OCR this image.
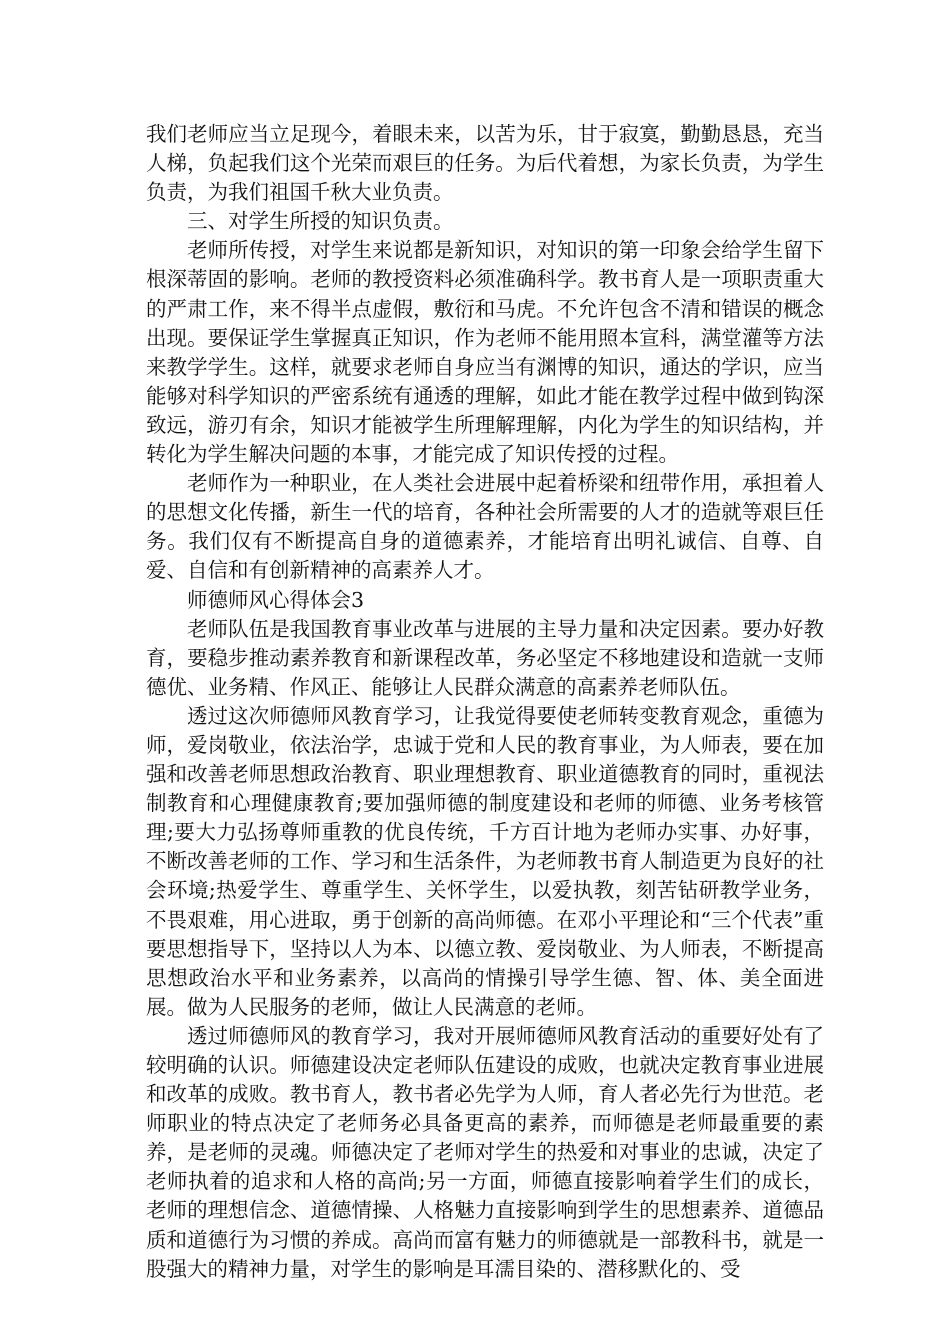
我们老师应当立足现今，着眼未来，以苦为乐，甘于寂寞，勤勤恳恳，充当人梯，负起我们这个光荣而艰巨的任务。为后代着想，为家长负责，为学生负责，为我们祖国千秋大业负责。

三、对学生所授的知识负责。

老师所传授，对学生来说都是新知识，对知识的第一印象会给学生留下根深蒂固的影响。老师的教授资料必须准确科学。教书育人是一项职责重大的严肃工作，来不得半点虚假，敷衍和马虎。不允许包含不清和错误的概念出现。要保证学生掌握真正知识，作为老师不能用照本宣科，满堂灌等方法来教学学生。这样，就要求老师自身应当有渊博的知识，通达的学识，应当能够对科学知识的严密系统有通透的理解，如此才能在教学过程中做到钩深致远，游刃有余，知识才能被学生所理解理解，内化为学生的知识结构，并转化为学生解决问题的本事，才能完成了知识传授的过程。

老师作为一种职业，在人类社会进展中起着桥梁和纽带作用，承担着人的思想文化传播，新生一代的培育，各种社会所需要的人才的造就等艰巨任务。我们仅有不断提高自身的道德素养，才能培育出明礼诚信、自尊、自爱、自信和有创新精神的高素养人才。

师德师风心得体会3

老师队伍是我国教育事业改革与进展的主导力量和决定因素。要办好教育，要稳步推动素养教育和新课程改革，务必坚定不移地建设和造就一支师德优、业务精、作风正、能够让人民群众满意的高素养老师队伍。

透过这次师德师风教育学习，让我觉得要使老师转变教育观念，重德为师，爱岗敬业，依法治学，忠诚于党和人民的教育事业，为人师表，要在加强和改善老师思想政治教育、职业理想教育、职业道德教育的同时，重视法制教育和心理健康教育;要加强师德的制度建设和老师的师德、业务考核管理;要大力弘扬尊师重教的优良传统，千方百计地为老师办实事、办好事，不断改善老师的工作、学习和生活条件，为老师教书育人制造更为良好的社会环境;热爱学生、尊重学生、关怀学生，以爱执教，刻苦钻研教学业务，不畏艰难，用心进取，勇于创新的高尚师德。在邓小平理论和“三个代表”重要思想指导下，坚持以人为本、以德立教、爱岗敬业、为人师表，不断提高思想政治水平和业务素养，以高尚的情操引导学生德、智、体、美全面进展。做为人民服务的老师，做让人民满意的老师。

透过师德师风的教育学习，我对开展师德师风教育活动的重要好处有了较明确的认识。师德建设决定老师队伍建设的成败，也就决定教育事业进展和改革的成败。教书育人，教书者必先学为人师，育人者必先行为世范。老师职业的特点决定了老师务必具备更高的素养，而师德是老师最重要的素养，是老师的灵魂。师德决定了老师对学生的热爱和对事业的忠诚，决定了老师执着的追求和人格的高尚;另一方面，师德直接影响着学生们的成长，老师的理想信念、道德情操、人格魅力直接影响到学生的思想素养、道德品质和道德行为习惯的养成。高尚而富有魅力的师德就是一部教科书，就是一股强大的精神力量，对学生的影响是耳濡目染的、潜移默化的、受
